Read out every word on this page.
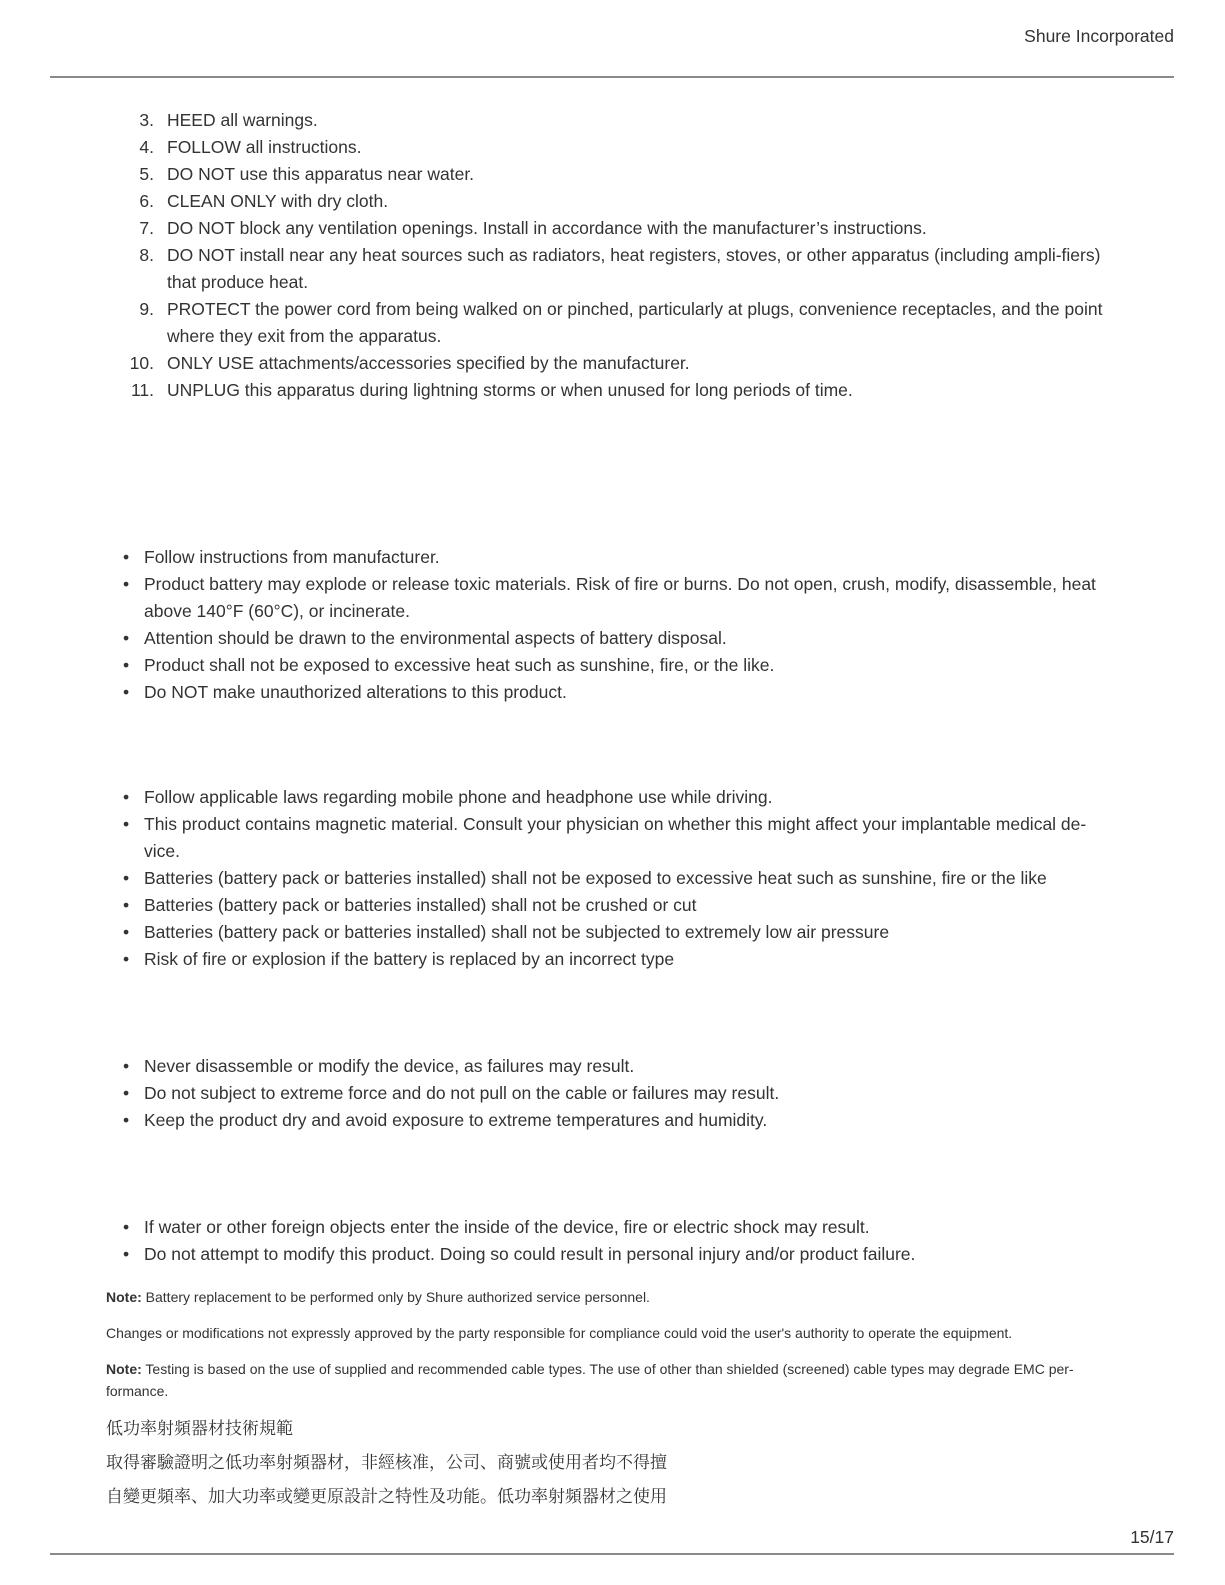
Shure Incorporated
3. HEED all warnings.
4. FOLLOW all instructions.
5. DO NOT use this apparatus near water.
6. CLEAN ONLY with dry cloth.
7. DO NOT block any ventilation openings. Install in accordance with the manufacturer’s instructions.
8. DO NOT install near any heat sources such as radiators, heat registers, stoves, or other apparatus (including ampli-fiers) that produce heat.
9. PROTECT the power cord from being walked on or pinched, particularly at plugs, convenience receptacles, and the point where they exit from the apparatus.
10. ONLY USE attachments/accessories specified by the manufacturer.
11. UNPLUG this apparatus during lightning storms or when unused for long periods of time.
• Follow instructions from manufacturer.
• Product battery may explode or release toxic materials. Risk of fire or burns. Do not open, crush, modify, disassemble, heat above 140°F (60°C), or incinerate.
• Attention should be drawn to the environmental aspects of battery disposal.
• Product shall not be exposed to excessive heat such as sunshine, fire, or the like.
• Do NOT make unauthorized alterations to this product.
• Follow applicable laws regarding mobile phone and headphone use while driving.
• This product contains magnetic material. Consult your physician on whether this might affect your implantable medical de-vice.
• Batteries (battery pack or batteries installed) shall not be exposed to excessive heat such as sunshine, fire or the like
• Batteries (battery pack or batteries installed) shall not be crushed or cut
• Batteries (battery pack or batteries installed) shall not be subjected to extremely low air pressure
• Risk of fire or explosion if the battery is replaced by an incorrect type
• Never disassemble or modify the device, as failures may result.
• Do not subject to extreme force and do not pull on the cable or failures may result.
• Keep the product dry and avoid exposure to extreme temperatures and humidity.
• If water or other foreign objects enter the inside of the device, fire or electric shock may result.
• Do not attempt to modify this product. Doing so could result in personal injury and/or product failure.

Note: Battery replacement to be performed only by Shure authorized service personnel.

Changes or modifications not expressly approved by the party responsible for compliance could void the user's authority to operate the equipment.

Note: Testing is based on the use of supplied and recommended cable types. The use of other than shielded (screened) cable types may degrade EMC per-formance.

低功率射頻器材技術規範
取得審驗證明之低功率射頻器材，非經核准，公司、商號或使用者均不得擅
自變更頻率、加大功率或變更原設計之特性及功能。低功率射頻器材之使用
15/17
